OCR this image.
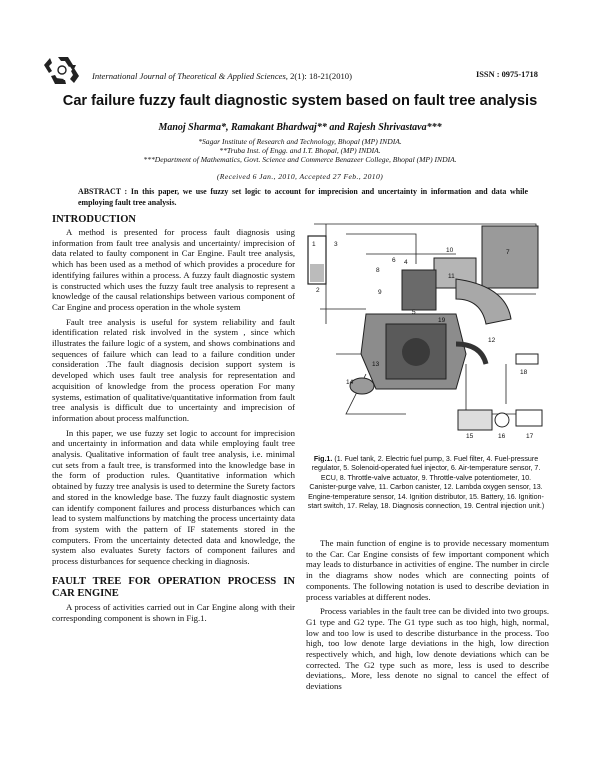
International Journal of Theoretical & Applied Sciences, 2(1): 18-21(2010)	ISSN : 0975-1718
Car failure fuzzy fault diagnostic system based on fault tree analysis
Manoj Sharma*, Ramakant Bhardwaj** and Rajesh Shrivastava***
*Sagar Institute of Research and Technology, Bhopal (MP) INDIA.
**Truba Inst. of Engg. and I.T. Bhopal, (MP) INDIA.
***Department of Mathematics, Govt. Science and Commerce Benazeer College, Bhopal (MP) INDIA.
(Received 6 Jan., 2010, Accepted 27 Feb., 2010)
ABSTRACT : In this paper, we use fuzzy set logic to account for imprecision and uncertainty in information and data while employing fault tree analysis.
INTRODUCTION

A method is presented for process fault diagnosis using information from fault tree analysis and uncertainty/ imprecision of data related to faulty component in Car Engine. Fault tree analysis, which has been used as a method of which provides a procedure for identifying failures within a process. A fuzzy fault diagnostic system is constructed which uses the fuzzy fault tree analysis to represent a knowledge of the causal relationships between various component of Car Engine and process operation in the whole system

Fault tree analysis is useful for system reliability and fault identification related risk involved in the system , since which illustrates the failure logic of a system, and shows combinations and sequences of failure which can lead to a failure condition under consideration .The fault diagnosis decision support system is developed which uses fault tree analysis for representation and acquisition of knowledge from the process operation For many systems, estimation of qualitative/quantitative information from fault tree analysis is difficult due to uncertainty and imprecision of information about process malfunction.

In this paper, we use fuzzy set logic to account for imprecision and uncertainty in information and data while employing fault tree analysis. Qualitative information of fault tree analysis, i.e. minimal cut sets from a fault tree, is transformed into the knowledge base in the form of production rules. Quantitative information which obtained by fuzzy tree analysis is used to determine the Surety factors and stored in the knowledge base. The fuzzy fault diagnostic system can identify component failures and process disturbances which can lead to system malfunctions by matching the process uncertainty data from system with the pattern of IF statements stored in the computers. From the uncertainty detected data and knowledge, the system also evaluates Surety factors of component failures and process disturbances for sequence checking in diagnosis.

FAULT TREE FOR OPERATION PROCESS IN CAR ENGINE

A process of activities carried out in Car Engine along with their corresponding component is shown in Fig.1.

1
2
3
4
5
6
7
8
9
10
11
12
13
14
15	16	17
18
19
Fig.1. (1. Fuel tank, 2. Electric fuel pump, 3. Fuel filter, 4. Fuel-pressure regulator, 5. Solenoid-operated fuel injector, 6. Air-temperature sensor, 7. ECU, 8. Throttle-valve actuator, 9. Throttle-valve potentiometer, 10. Canister-purge valve, 11. Carbon canister, 12. Lambda oxygen sensor, 13. Engine-temperature sensor, 14. Ignition distributor, 15. Battery, 16. Ignition-start switch, 17. Relay, 18. Diagnosis connection, 19. Central injection unit.)

The main function of engine is to provide necessary momentum to the Car. Car Engine consists of few important component which may leads to disturbance in activities of engine. The number in circle in the diagrams show nodes which are connecting points of components. The following notation is used to describe deviation in process variables at different nodes.

Process variables in the fault tree can be divided into two groups. G1 type and G2 type. The G1 type such as too high, high, normal, low and too low is used to describe disturbance in the process. Too high, too low denote large deviations in the high, low direction respectively which, and high, low denote deviations which can be corrected. The G2 type such as more, less is used to describe deviations,. More, less denote no signal to cancel the effect of deviations
